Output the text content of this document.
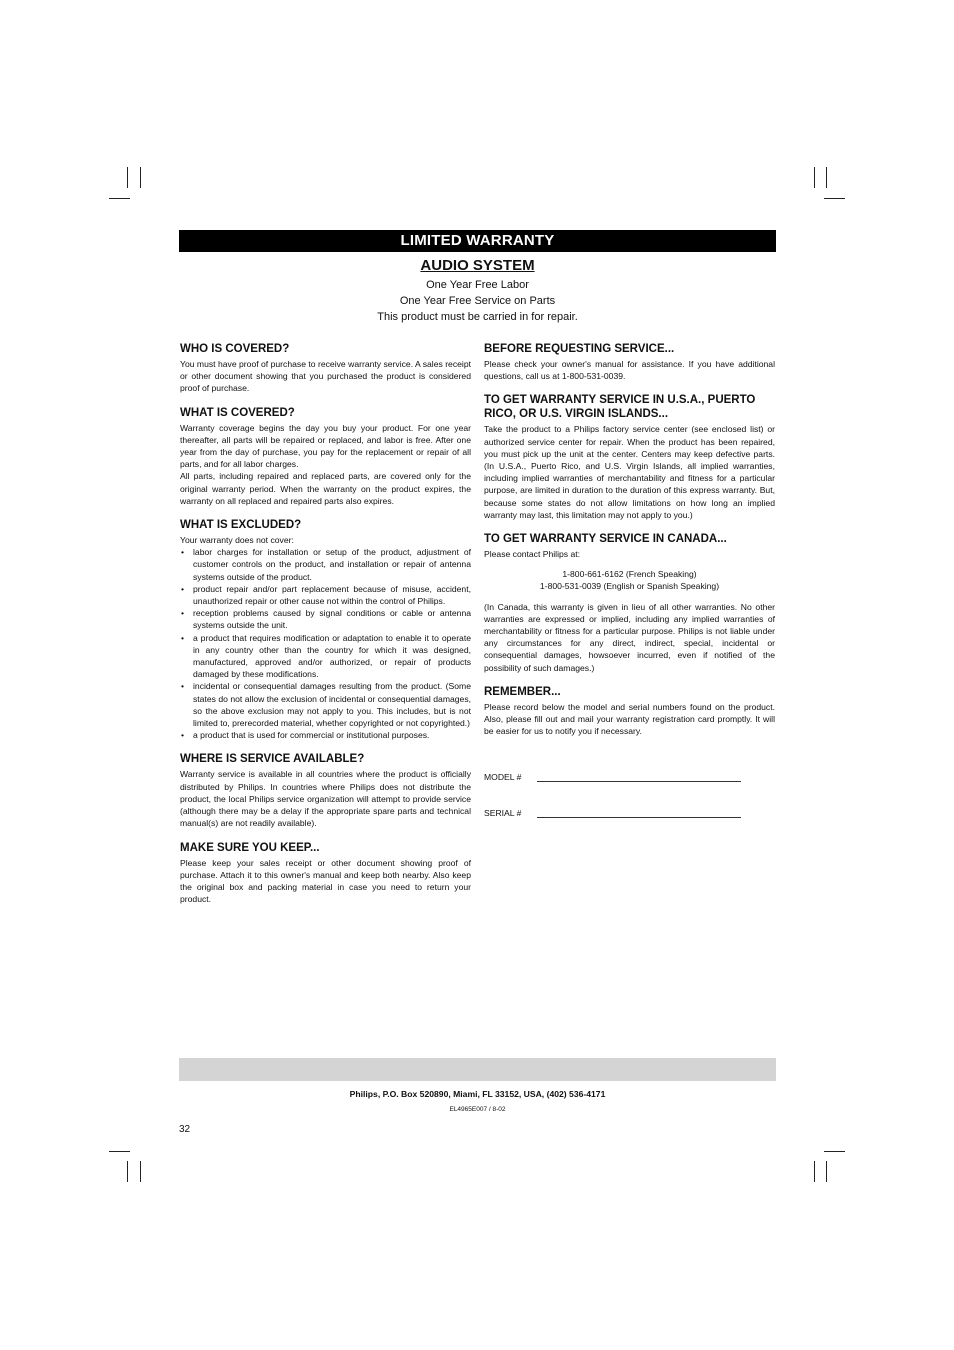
LIMITED WARRANTY
AUDIO SYSTEM
One Year Free Labor
One Year Free Service on Parts
This product must be carried in for repair.
WHO IS COVERED?

You must have proof of purchase to receive warranty service. A sales receipt or other document showing that you purchased the product is considered proof of purchase.

WHAT IS COVERED?

Warranty coverage begins the day you buy your product. For one year thereafter, all parts will be repaired or replaced, and labor is free. After one year from the day of purchase, you pay for the replacement or repair of all parts, and for all labor charges.

All parts, including repaired and replaced parts, are covered only for the original warranty period. When the warranty on the product expires, the warranty on all replaced and repaired parts also expires.

WHAT IS EXCLUDED?

Your warranty does not cover:

• labor charges for installation or setup of the product, adjustment of customer controls on the product, and installation or repair of antenna systems outside of the product.
• product repair and/or part replacement because of misuse, accident, unauthorized repair or other cause not within the control of Philips.
• reception problems caused by signal conditions or cable or antenna systems outside the unit.
• a product that requires modification or adaptation to enable it to operate in any country other than the country for which it was designed, manufactured, approved and/or authorized, or repair of products damaged by these modifications.
• incidental or consequential damages resulting from the product. (Some states do not allow the exclusion of incidental or consequential damages, so the above exclusion may not apply to you. This includes, but is not limited to, prerecorded material, whether copyrighted or not copyrighted.)
• a product that is used for commercial or institutional purposes.
WHERE IS SERVICE AVAILABLE?

Warranty service is available in all countries where the product is officially distributed by Philips. In countries where Philips does not distribute the product, the local Philips service organization will attempt to provide service (although there may be a delay if the appropriate spare parts and technical manual(s) are not readily available).

MAKE SURE YOU KEEP...

Please keep your sales receipt or other document showing proof of purchase. Attach it to this owner's manual and keep both nearby. Also keep the original box and packing material in case you need to return your product.

BEFORE REQUESTING SERVICE...

Please check your owner's manual for assistance. If you have additional questions, call us at 1-800-531-0039.

TO GET WARRANTY SERVICE IN U.S.A., PUERTO RICO, OR U.S. VIRGIN ISLANDS...

Take the product to a Philips factory service center (see enclosed list) or authorized service center for repair. When the product has been repaired, you must pick up the unit at the center. Centers may keep defective parts. (In U.S.A., Puerto Rico, and U.S. Virgin Islands, all implied warranties, including implied warranties of merchantability and fitness for a particular purpose, are limited in duration to the duration of this express warranty. But, because some states do not allow limitations on how long an implied warranty may last, this limitation may not apply to you.)

TO GET WARRANTY SERVICE IN CANADA...

Please contact Philips at:

1-800-661-6162 (French Speaking)
1-800-531-0039 (English or Spanish Speaking)

(In Canada, this warranty is given in lieu of all other warranties. No other warranties are expressed or implied, including any implied warranties of merchantability or fitness for a particular purpose. Philips is not liable under any circumstances for any direct, indirect, special, incidental or consequential damages, howsoever incurred, even if notified of the possibility of such damages.)

REMEMBER...

Please record below the model and serial numbers found on the product. Also, please fill out and mail your warranty registration card promptly. It will be easier for us to notify you if necessary.

MODEL #
SERIAL #
Philips, P.O. Box 520890, Miami, FL 33152, USA, (402) 536-4171
EL4965E007 / 8-02
32
